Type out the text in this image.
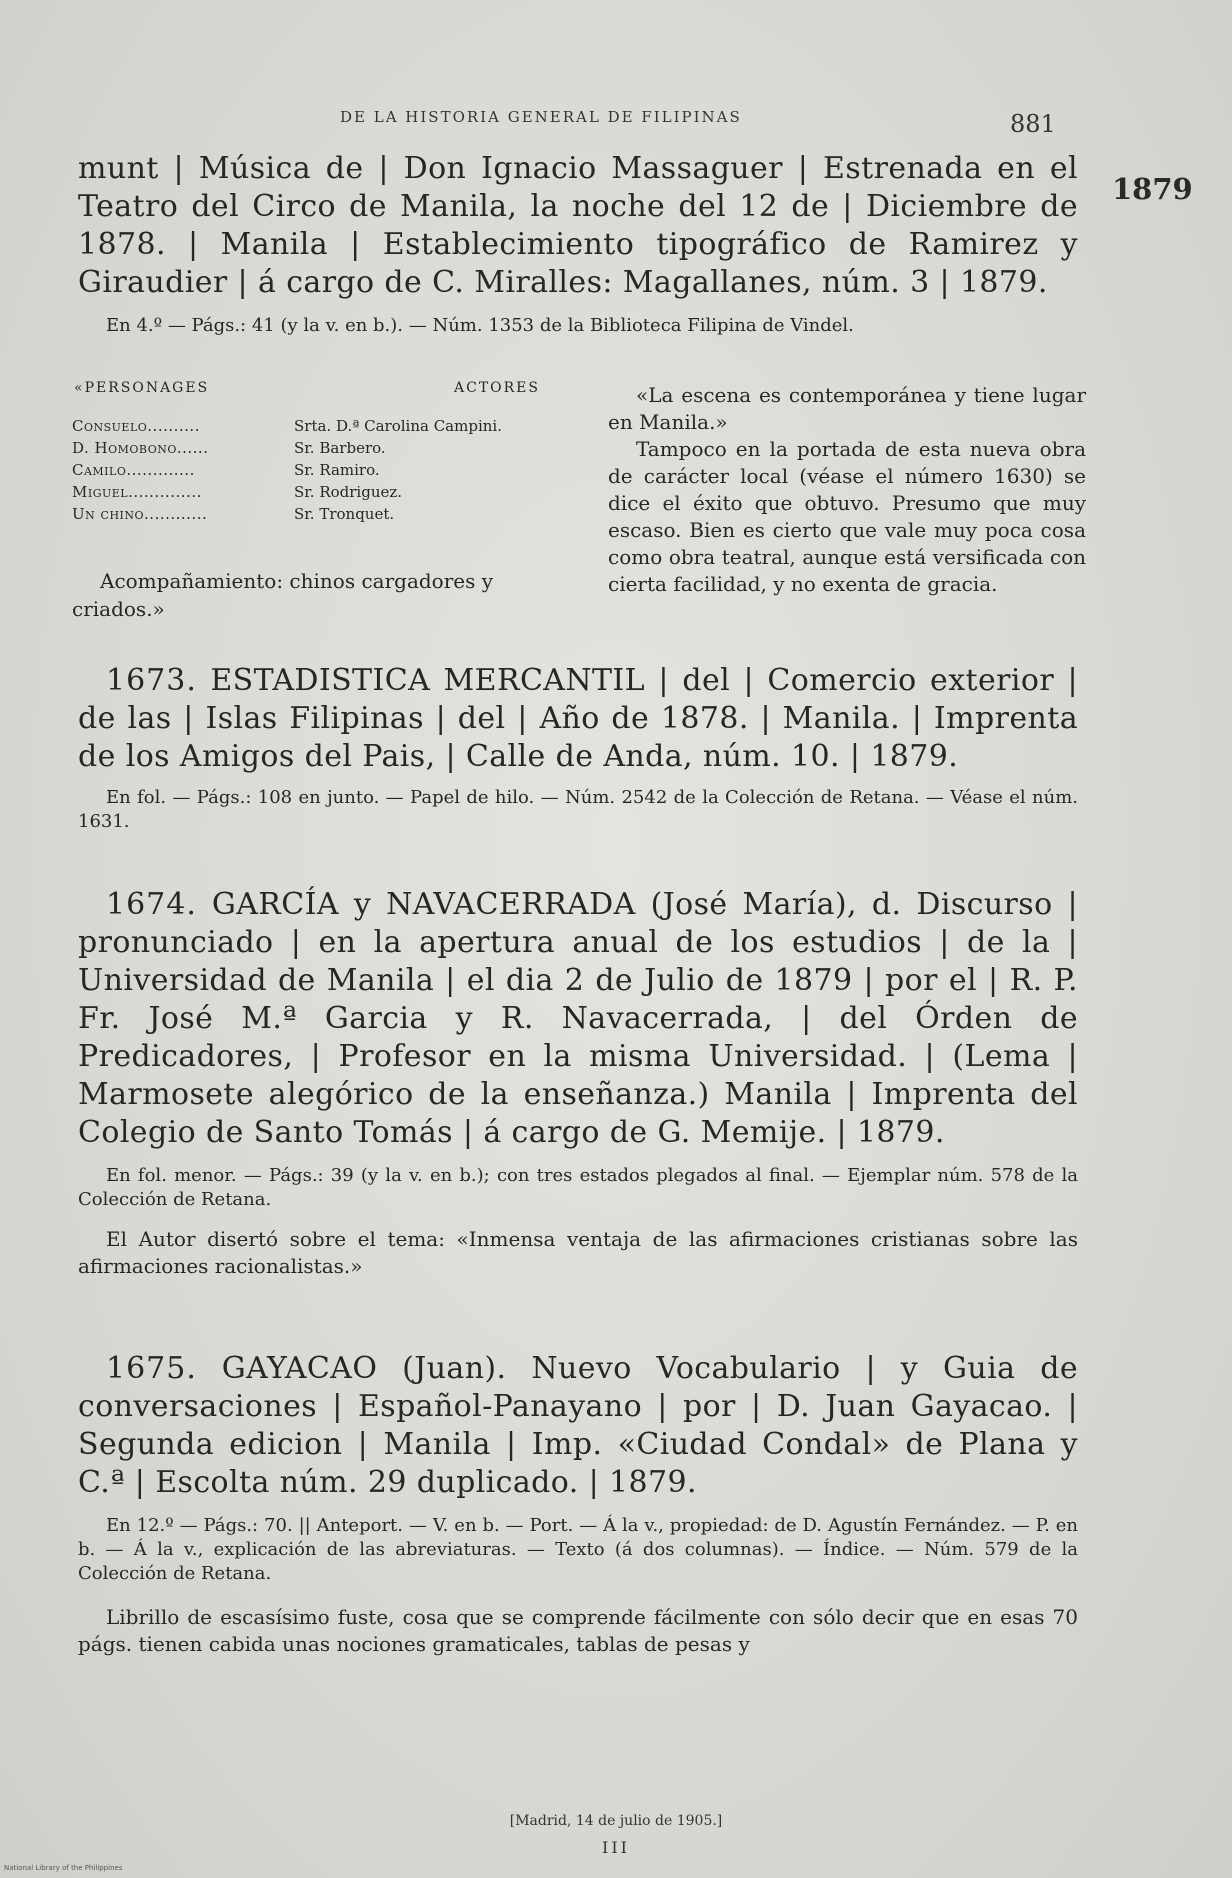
DE LA HISTORIA GENERAL DE FILIPINAS	881
1879

munt | Música de | Don Ignacio Massaguer | Estrenada en el Teatro del Circo de Manila, la noche del 12 de | Diciembre de 1878. | Manila | Establecimiento tipográfico de Ramirez y Giraudier | á cargo de C. Miralles: Magallanes, núm. 3 | 1879.

En 4.º — Págs.: 41 (y la v. en b.). — Núm. 1353 de la Biblioteca Filipina de Vindel.

«PERSONAGES	ACTORES
Consuelo..........	Srta. D.ª Carolina Campini.
D. Homobono......	Sr. Barbero.
Camilo.............	Sr. Ramiro.
Miguel..............	Sr. Rodriguez.
Un chino............	Sr. Tronquet.

Acompañamiento: chinos cargadores y criados.»

«La escena es contemporánea y tiene lugar en Manila.»

Tampoco en la portada de esta nueva obra de carácter local (véase el número 1630) se dice el éxito que obtuvo. Presumo que muy escaso. Bien es cierto que vale muy poca cosa como obra teatral, aunque está versificada con cierta facilidad, y no exenta de gracia.

1673. ESTADISTICA MERCANTIL | del | Comercio exterior | de las | Islas Filipinas | del | Año de 1878. | Manila. | Imprenta de los Amigos del Pais, | Calle de Anda, núm. 10. | 1879.

En fol. — Págs.: 108 en junto. — Papel de hilo. — Núm. 2542 de la Colección de Retana. — Véase el núm. 1631.

1674. GARCÍA y NAVACERRADA (José María), d. Discurso | pronunciado | en la apertura anual de los estudios | de la | Universidad de Manila | el dia 2 de Julio de 1879 | por el | R. P. Fr. José M.ª Garcia y R. Navacerrada, | del Órden de Predicadores, | Profesor en la misma Universidad. | (Lema | Marmosete alegórico de la enseñanza.) Manila | Imprenta del Colegio de Santo Tomás | á cargo de G. Memije. | 1879.

En fol. menor. — Págs.: 39 (y la v. en b.); con tres estados plegados al final. — Ejemplar núm. 578 de la Colección de Retana.

El Autor disertó sobre el tema: «Inmensa ventaja de las afirmaciones cristianas sobre las afirmaciones racionalistas.»

1675. GAYACAO (Juan). Nuevo Vocabulario | y Guia de conversaciones | Español-Panayano | por | D. Juan Gayacao. | Segunda edicion | Manila | Imp. «Ciudad Condal» de Plana y C.ª | Escolta núm. 29 duplicado. | 1879.

En 12.º — Págs.: 70. || Anteport. — V. en b. — Port. — Á la v., propiedad: de D. Agustín Fernández. — P. en b. — Á la v., explicación de las abreviaturas. — Texto (á dos columnas). — Índice. — Núm. 579 de la Colección de Retana.

Librillo de escasísimo fuste, cosa que se comprende fácilmente con sólo decir que en esas 70 págs. tienen cabida unas nociones gramaticales, tablas de pesas y

[Madrid, 14 de julio de 1905.]
III
National Library of the Philippines
